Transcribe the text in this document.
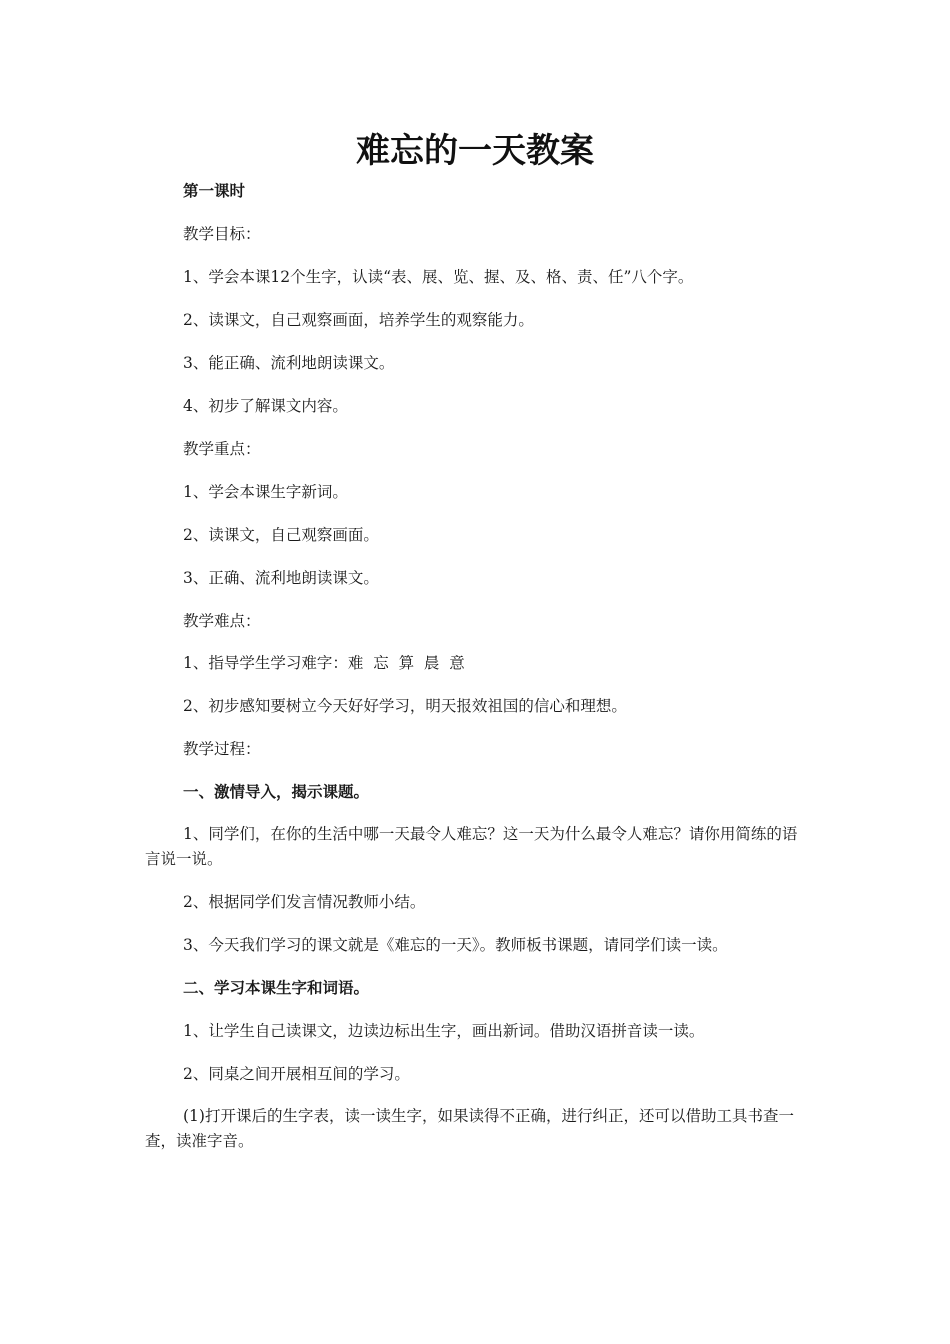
难忘的一天教案

第一课时

教学目标：

1、学会本课12个生字，认读“表、展、览、握、及、格、责、任”八个字。

2、读课文，自己观察画面，培养学生的观察能力。

3、能正确、流利地朗读课文。

4、初步了解课文内容。

教学重点：

1、学会本课生字新词。

2、读课文，自己观察画面。

3、正确、流利地朗读课文。

教学难点：

1、指导学生学习难字：难  忘  算  晨  意

2、初步感知要树立今天好好学习，明天报效祖国的信心和理想。

教学过程：

一、激情导入，揭示课题。

1、同学们，在你的生活中哪一天最令人难忘？这一天为什么最令人难忘？请你用简练的语言说一说。

2、根据同学们发言情况教师小结。

3、今天我们学习的课文就是《难忘的一天》。教师板书课题，请同学们读一读。

二、学习本课生字和词语。

1、让学生自己读课文，边读边标出生字，画出新词。借助汉语拼音读一读。

2、同桌之间开展相互间的学习。

(1)打开课后的生字表，读一读生字，如果读得不正确，进行纠正，还可以借助工具书查一查，读准字音。
